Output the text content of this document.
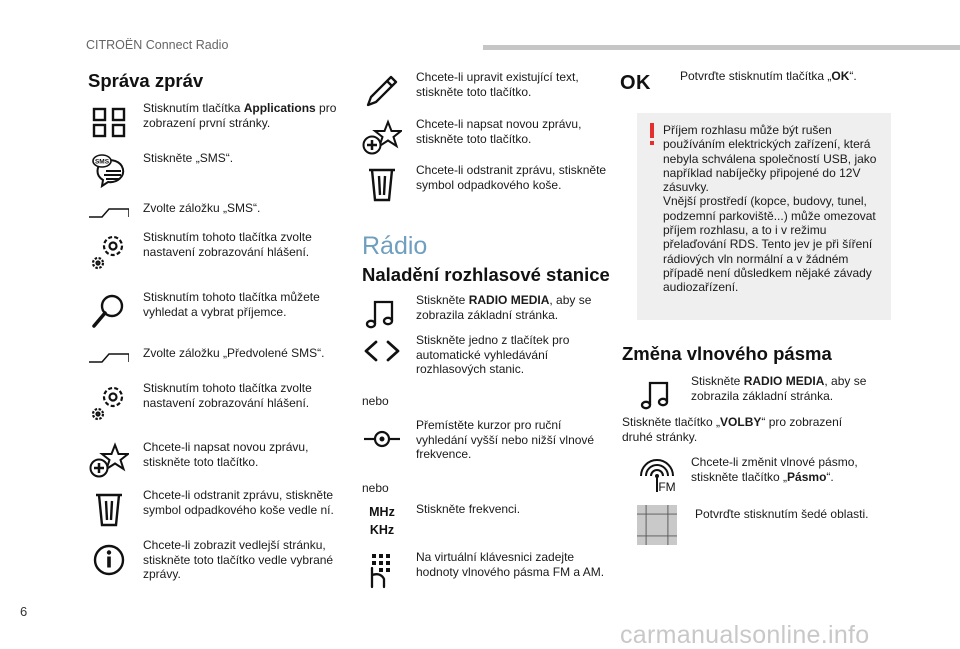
CITROËN Connect Radio
Správa zpráv
Stisknutím tlačítka Applications pro zobrazení první stránky.
SMS	Stiskněte „SMS“.
Zvolte záložku „SMS“.
Stisknutím tohoto tlačítka zvolte nastavení zobrazování hlášení.
Stisknutím tohoto tlačítka můžete vyhledat a vybrat příjemce.
Zvolte záložku „Předvolené SMS“.
Stisknutím tohoto tlačítka zvolte nastavení zobrazování hlášení.
Chcete-li napsat novou zprávu, stiskněte toto tlačítko.
Chcete-li odstranit zprávu, stiskněte symbol odpadkového koše vedle ní.
Chcete-li zobrazit vedlejší stránku, stiskněte toto tlačítko vedle vybrané zprávy.
Chcete-li upravit existující text, stiskněte toto tlačítko.
Chcete-li napsat novou zprávu, stiskněte toto tlačítko.
Chcete-li odstranit zprávu, stiskněte symbol odpadkového koše.
Rádio
Naladění rozhlasové stanice
Stiskněte RADIO MEDIA, aby se zobrazila základní stránka.
Stiskněte jedno z tlačítek pro automatické vyhledávání rozhlasových stanic.
nebo
Přemístěte kurzor pro ruční vyhledání vyšší nebo nižší vlnové frekvence.
nebo
MHz
KHz
Stiskněte frekvenci.
Na virtuální klávesnici zadejte hodnoty vlnového pásma FM a AM.
OK	Potvrďte stisknutím tlačítka „OK“.
Příjem rozhlasu může být rušen používáním elektrických zařízení, která nebyla schválena společností USB, jako například nabíječky připojené do 12V zásuvky.
Vnější prostředí (kopce, budovy, tunel, podzemní parkoviště...) může omezovat příjem rozhlasu, a to i v režimu přelaďování RDS. Tento jev je při šíření rádiových vln normální a v žádném případě není důsledkem nějaké závady audiozařízení.
Změna vlnového pásma
Stiskněte RADIO MEDIA, aby se zobrazila základní stránka.
Stiskněte tlačítko „VOLBY“ pro zobrazení druhé stránky.
FM
Chcete-li změnit vlnové pásmo, stiskněte tlačítko „Pásmo“.
Potvrďte stisknutím šedé oblasti.
6
carmanualsonline.info
